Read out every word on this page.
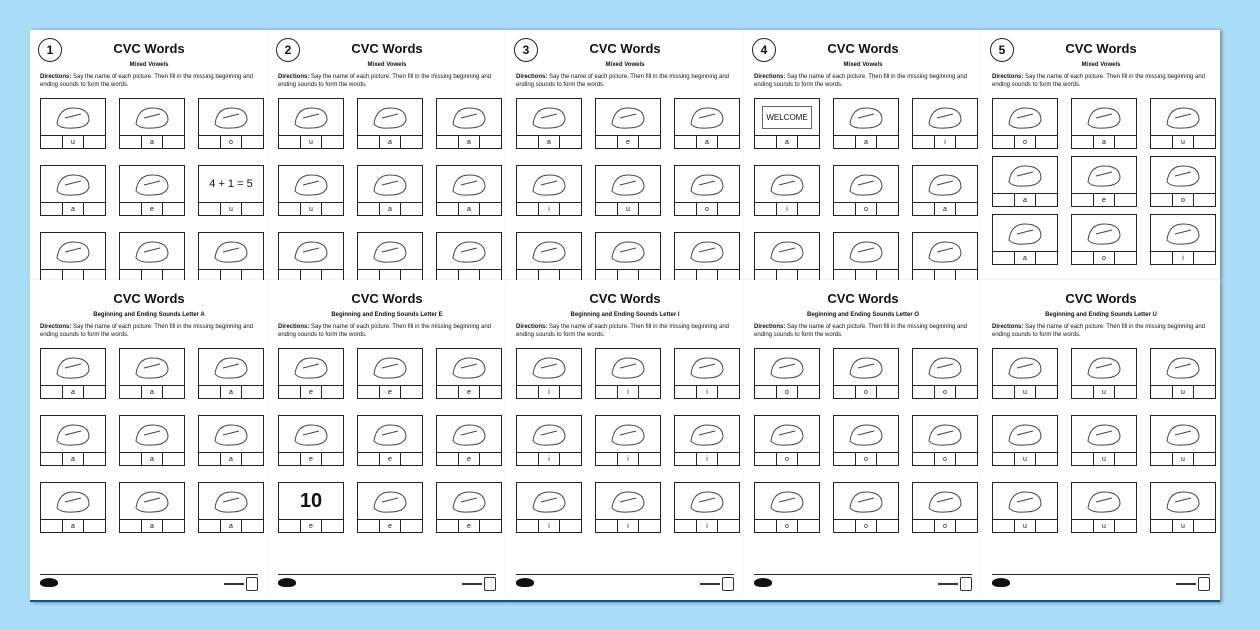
1	CVC Words
Mixed Vowels
Directions: Say the name of each picture. Then fill in the missing beginning and ending sounds to form the words.
u	a	o
a	e
4 + 1 = 5
u
2	CVC Words
Mixed Vowels
Directions: Say the name of each picture. Then fill in the missing beginning and ending sounds to form the words.
u	a	a
u	a	a
3	CVC Words
Mixed Vowels
Directions: Say the name of each picture. Then fill in the missing beginning and ending sounds to form the words.
a	e	a
i	u	o
4	CVC Words
Mixed Vowels
Directions: Say the name of each picture. Then fill in the missing beginning and ending sounds to form the words.
WELCOME
a	a	i
i	o	a
5	CVC Words
Mixed Vowels
Directions: Say the name of each picture. Then fill in the missing beginning and ending sounds to form the words.
o	a	u
a	e	o
a	o	i
CVC Words
Beginning and Ending Sounds Letter A
Directions: Say the name of each picture. Then fill in the missing beginning and ending sounds to form the words.
a	a	a
a	a	a
a	a	a
CVC Words
Beginning and Ending Sounds Letter E
Directions: Say the name of each picture. Then fill in the missing beginning and ending sounds to form the words.
e	e	e
e	e	e
10
e	e	e
CVC Words
Beginning and Ending Sounds Letter I
Directions: Say the name of each picture. Then fill in the missing beginning and ending sounds to form the words.
i	i	i
i	i	i
i	i	i
CVC Words
Beginning and Ending Sounds Letter O
Directions: Say the name of each picture. Then fill in the missing beginning and ending sounds to form the words.
o	o	o
o	o	o
o	o	o
CVC Words
Beginning and Ending Sounds Letter U
Directions: Say the name of each picture. Then fill in the missing beginning and ending sounds to form the words.
u	u	u
u	u	u
u	u	u
